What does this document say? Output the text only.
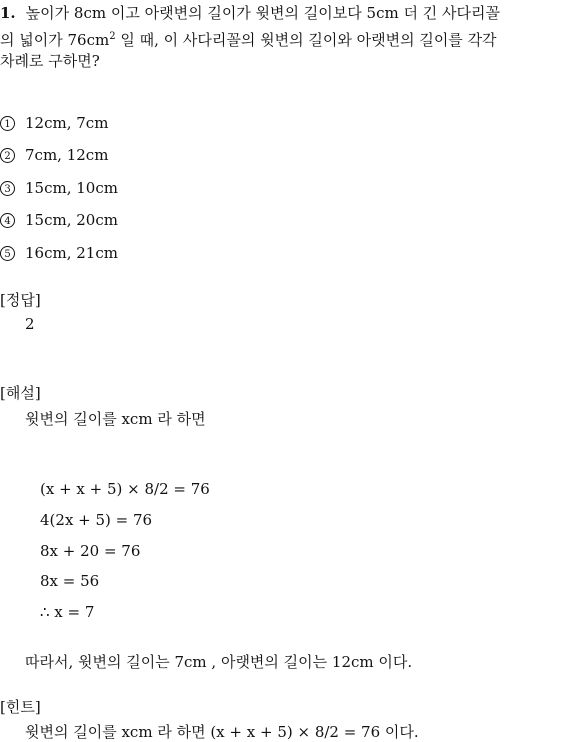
1. 높이가 8cm 이고 아랫변의 길이가 윗변의 길이보다 5cm 더 긴 사다리꼴
의 넓이가 $76cm^2$ 일 때, 이 사다리꼴의 윗변의 길이와 아랫변의 길이를 각각
차례로 구하면?
1 12cm, 7cm
2 7cm, 12cm
3 15cm, 10cm
4 15cm, 20cm
5 16cm, 21cm
[정답]
2
[해설]
윗변의 길이를 xcm 라 하면
(x + x + 5) × 8/2 = 76
4(2x + 5) = 76
8x + 20 = 76
8x = 56
∴ x = 7
따라서, 윗변의 길이는 7cm , 아랫변의 길이는 12cm 이다.
[힌트]
윗변의 길이를 xcm 라 하면 (x + x + 5) × 8/2 = 76 이다.
